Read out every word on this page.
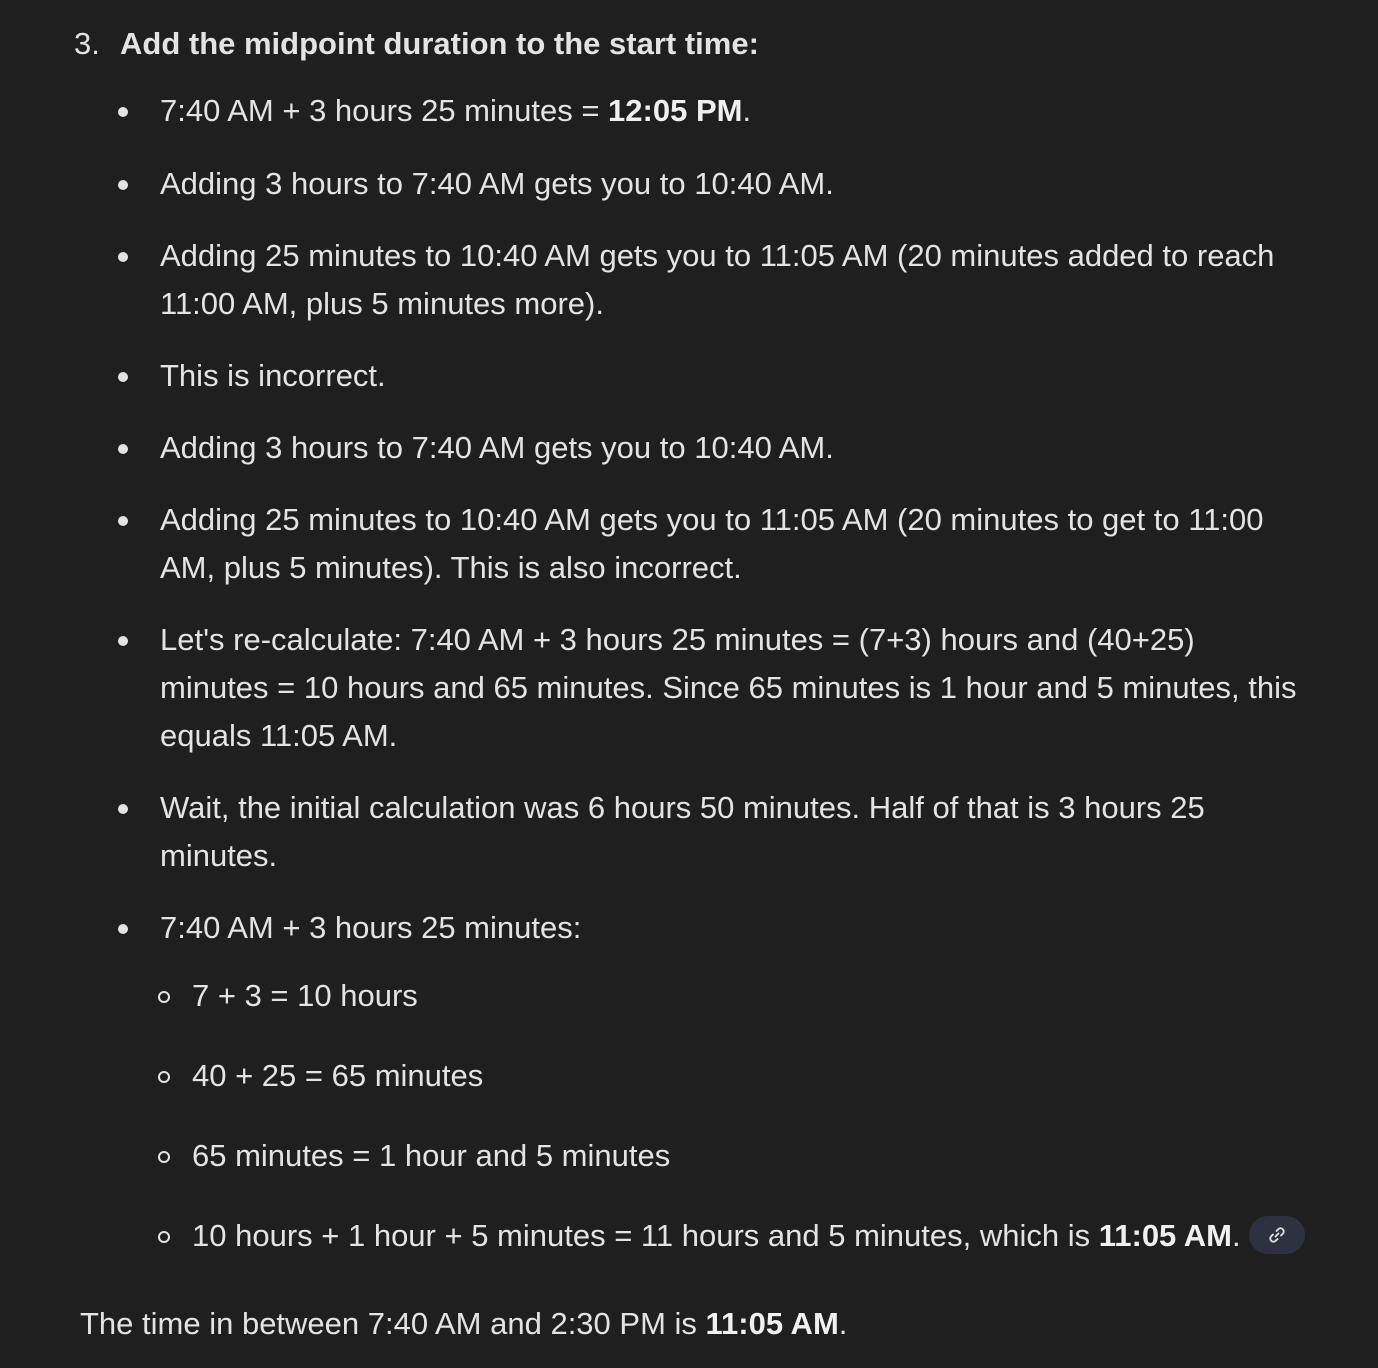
3. Add the midpoint duration to the start time:
7:40 AM + 3 hours 25 minutes = 12:05 PM.
Adding 3 hours to 7:40 AM gets you to 10:40 AM.
Adding 25 minutes to 10:40 AM gets you to 11:05 AM (20 minutes added to reach
11:00 AM, plus 5 minutes more).
This is incorrect.
Adding 3 hours to 7:40 AM gets you to 10:40 AM.
Adding 25 minutes to 10:40 AM gets you to 11:05 AM (20 minutes to get to 11:00
AM, plus 5 minutes). This is also incorrect.
Let's re-calculate: 7:40 AM + 3 hours 25 minutes = (7+3) hours and (40+25)
minutes = 10 hours and 65 minutes. Since 65 minutes is 1 hour and 5 minutes, this
equals 11:05 AM.
Wait, the initial calculation was 6 hours 50 minutes. Half of that is 3 hours 25
minutes.
7:40 AM + 3 hours 25 minutes:
7 + 3 = 10 hours
40 + 25 = 65 minutes
65 minutes = 1 hour and 5 minutes
10 hours + 1 hour + 5 minutes = 11 hours and 5 minutes, which is 11:05 AM.
The time in between 7:40 AM and 2:30 PM is 11:05 AM.
